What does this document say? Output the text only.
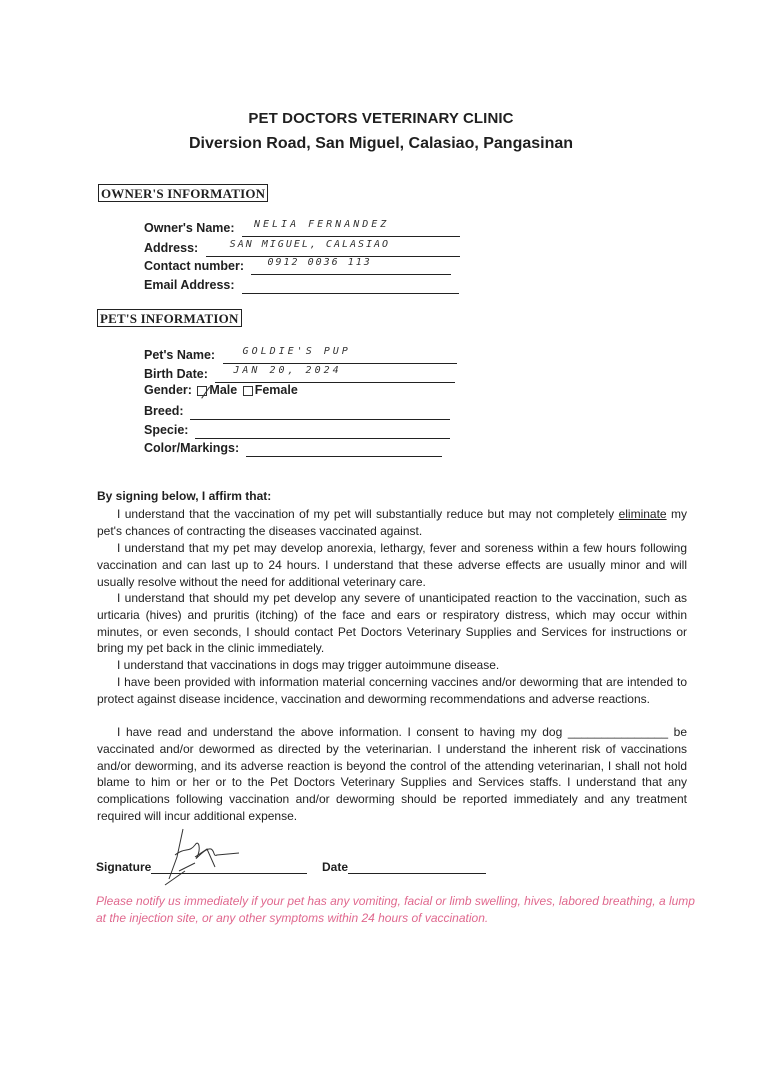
PET DOCTORS VETERINARY CLINIC
Diversion Road, San Miguel, Calasiao, Pangasinan
OWNER'S INFORMATION
Owner's Name: NELIA FERNANDEZ
Address:	SAN MIGUEL, CALASIAO
Contact number: 0912 0036 113
Email Address:
PET'S INFORMATION
Pet's Name:	GOLDIE'S PUP
Birth Date:	JAN 20, 2024
Gender: Male Female
Breed:
Specie:
Color/Markings:
By signing below, I affirm that:

I understand that the vaccination of my pet will substantially reduce but may not completely eliminate my pet's chances of contracting the diseases vaccinated against.

I understand that my pet may develop anorexia, lethargy, fever and soreness within a few hours following vaccination and can last up to 24 hours. I understand that these adverse effects are usually minor and will usually resolve without the need for additional veterinary care.

I understand that should my pet develop any severe of unanticipated reaction to the vaccination, such as urticaria (hives) and pruritis (itching) of the face and ears or respiratory distress, which may occur within minutes, or even seconds, I should contact Pet Doctors Veterinary Supplies and Services for instructions or bring my pet back in the clinic immediately.

I understand that vaccinations in dogs may trigger autoimmune disease.

I have been provided with information material concerning vaccines and/or deworming that are intended to protect against disease incidence, vaccination and deworming recommendations and adverse reactions.

I have read and understand the above information. I consent to having my dog _______________ be vaccinated and/or dewormed as directed by the veterinarian. I understand the inherent risk of vaccinations and/or deworming, and its adverse reaction is beyond the control of the attending veterinarian, I shall not hold blame to him or her or to the Pet Doctors Veterinary Supplies and Services staffs. I understand that any complications following vaccination and/or deworming should be reported immediately and any treatment required will incur additional expense.

Signature	Date
Please notify us immediately if your pet has any vomiting, facial or limb swelling, hives, labored breathing, a lump at the injection site, or any other symptoms within 24 hours of vaccination.
